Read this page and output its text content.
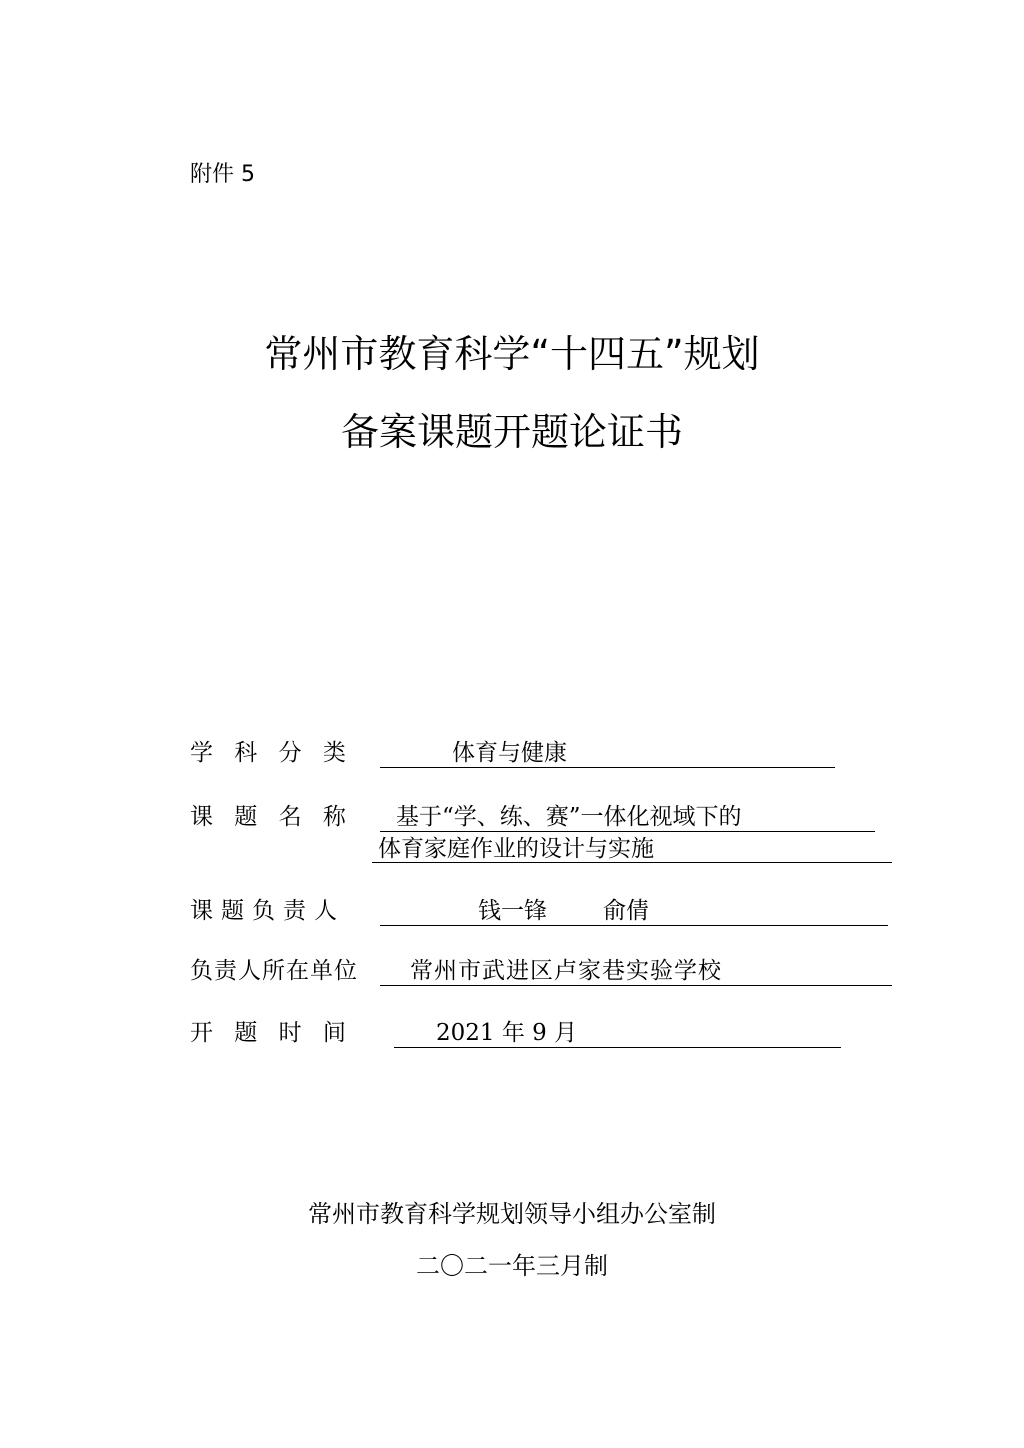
附件 5
常州市教育科学“十四五”规划
备案课题开题论证书
学 科 分 类	体育与健康
课 题 名 称 基于“学、练、赛”一体化视域下的
体育家庭作业的设计与实施
课题负责人	钱一锋 俞倩
负责人所在单位 常州市武进区卢家巷实验学校
开 题 时 间	2021 年 9 月
常州市教育科学规划领导小组办公室制
二〇二一年三月制
